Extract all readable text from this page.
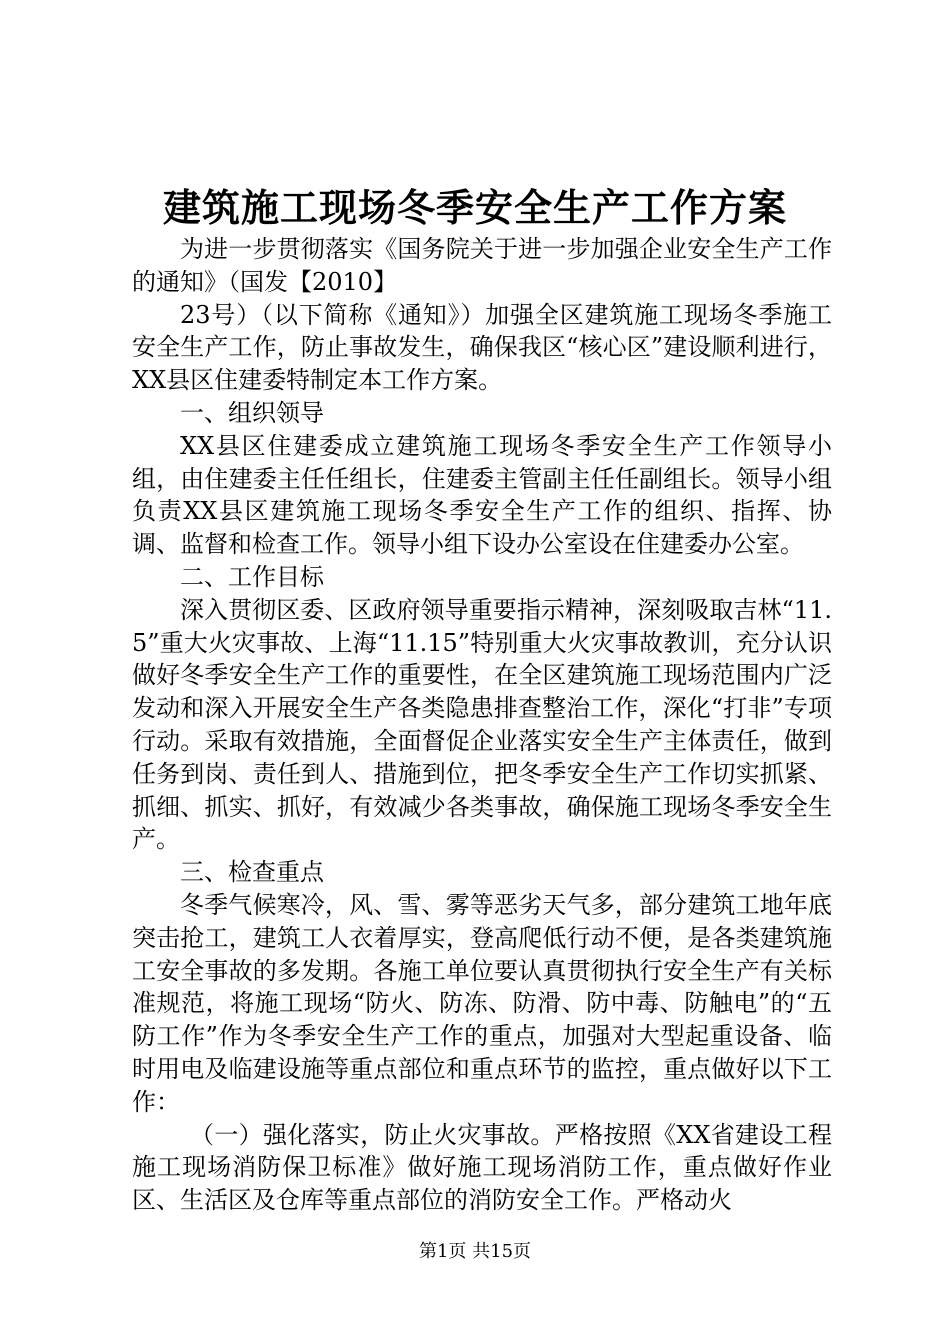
建筑施工现场冬季安全生产工作方案

为进一步贯彻落实《国务院关于进一步加强企业安全生产工作的通知》（国发【2010】

23号）（以下简称《通知》）加强全区建筑施工现场冬季施工安全生产工作，防止事故发生，确保我区“核心区”建设顺利进行，XX县区住建委特制定本工作方案。

一、组织领导

XX县区住建委成立建筑施工现场冬季安全生产工作领导小组，由住建委主任任组长，住建委主管副主任任副组长。领导小组负责XX县区建筑施工现场冬季安全生产工作的组织、指挥、协调、监督和检查工作。领导小组下设办公室设在住建委办公室。

二、工作目标

深入贯彻区委、区政府领导重要指示精神，深刻吸取吉林“11.5”重大火灾事故、上海“11.15”特别重大火灾事故教训，充分认识做好冬季安全生产工作的重要性，在全区建筑施工现场范围内广泛发动和深入开展安全生产各类隐患排查整治工作，深化“打非”专项行动。采取有效措施，全面督促企业落实安全生产主体责任，做到任务到岗、责任到人、措施到位，把冬季安全生产工作切实抓紧、抓细、抓实、抓好，有效减少各类事故，确保施工现场冬季安全生产。

三、检查重点

冬季气候寒冷，风、雪、雾等恶劣天气多，部分建筑工地年底突击抢工，建筑工人衣着厚实，登高爬低行动不便，是各类建筑施工安全事故的多发期。各施工单位要认真贯彻执行安全生产有关标准规范，将施工现场“防火、防冻、防滑、防中毒、防触电”的“五防工作”作为冬季安全生产工作的重点，加强对大型起重设备、临时用电及临建设施等重点部位和重点环节的监控，重点做好以下工作：

（一）强化落实，防止火灾事故。严格按照《XX省建设工程施工现场消防保卫标准》做好施工现场消防工作，重点做好作业区、生活区及仓库等重点部位的消防安全工作。严格动火

第1页 共15页
